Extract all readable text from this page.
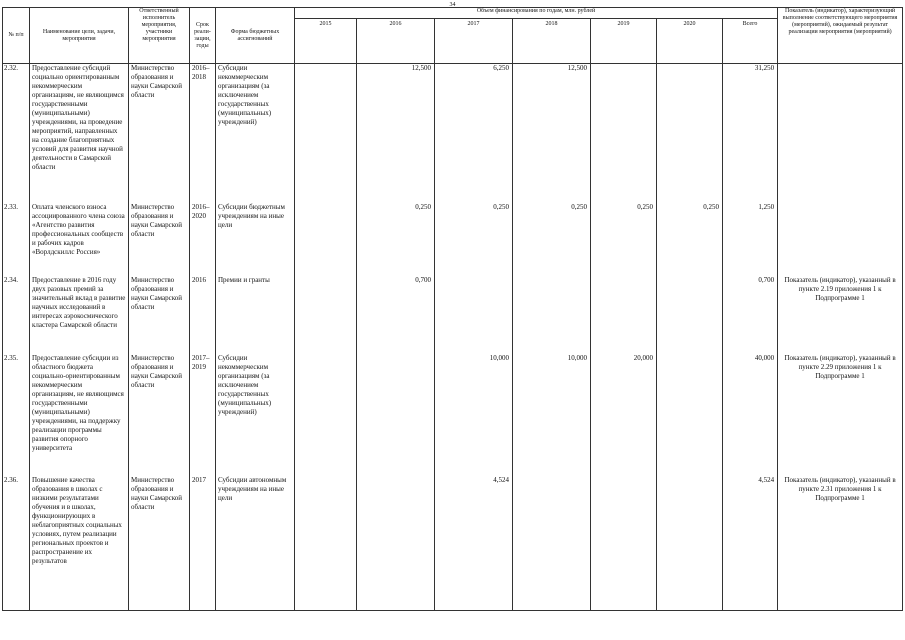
34
№ п/п	Наименование цели, задачи, мероприятия	Ответственный исполнитель мероприятия, участники мероприятия	Срок реали- зации, годы	Форма бюджетных ассигнований	Объем финансирования по годам, млн. рублей							Показатель (индикатор), характеризующий выполнение соответствующего мероприятия (мероприятий), ожидаемый результат реализации мероприятия (мероприятий)
					2015	2016	2017	2018	2019	2020	Всего	
2.32.	Предоставление субсидий социально ориентированным некоммерческим организациям, не являющимся государственными (муниципальными) учреждениями, на проведение мероприятий, направленных на создание благоприятных условий для развития научной деятельности в Самарской области	Министерство образования и науки Самарской области	2016–2018	Субсидии некоммерческим организациям (за исключением государственных (муниципальных) учреждений)		12,500	6,250	12,500			31,250	
2.33.	Оплата членского взноса ассоциированного члена союза «Агентство развития профессиональных сообществ и рабочих кадров «Ворлдскиллс Россия»	Министерство образования и науки Самарской области	2016–2020	Субсидии бюджетным учреждениям на иные цели		0,250	0,250	0,250	0,250	0,250	1,250	
2.34.	Предоставление в 2016 году двух разовых премий за значительный вклад в развитие научных исследований в интересах аэрокосмического кластера Самарской области	Министерство образования и науки Самарской области	2016	Премии и гранты		0,700					0,700	Показатель (индикатор), указанный в пункте 2.19 приложения 1 к Подпрограмме 1
2.35.	Предоставление субсидии из областного бюджета социально-ориентированным некоммерческим организациям, не являющимся государственными (муниципальными) учреждениями, на поддержку реализации программы развития опорного университета	Министерство образования и науки Самарской области	2017–2019	Субсидии некоммерческим организациям (за исключением государственных (муниципальных) учреждений)			10,000	10,000	20,000		40,000	Показатель (индикатор), указанный в пункте 2.29 приложения 1 к Подпрограмме 1
2.36.	Повышение качества образования в школах с низкими результатами обучения и в школах, функционирующих в неблагоприятных социальных условиях, путем реализации региональных проектов и распространение их результатов	Министерство образования и науки Самарской области	2017	Субсидии автономным учреждениям на иные цели			4,524				4,524	Показатель (индикатор), указанный в пункте 2.31 приложения 1 к Подпрограмме 1
